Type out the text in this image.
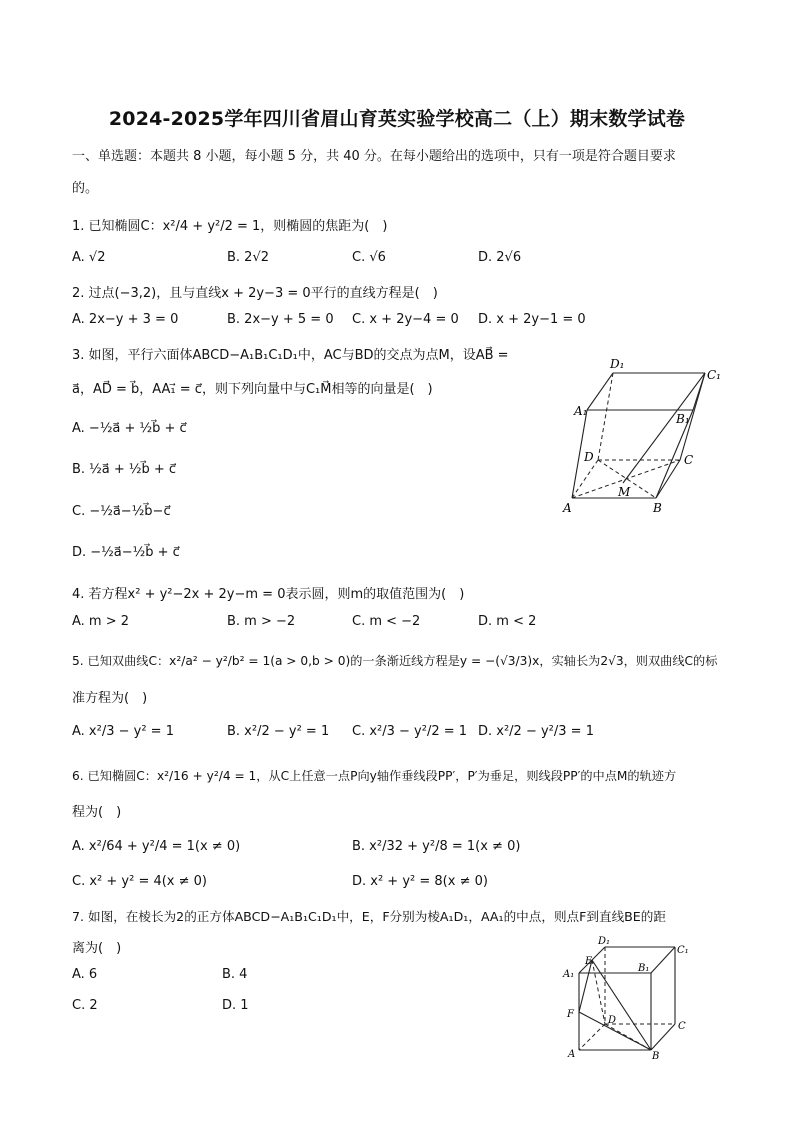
2024-2025学年四川省眉山育英实验学校高二（上）期末数学试卷
一、单选题：本题共 8 小题，每小题 5 分，共 40 分。在每小题给出的选项中，只有一项是符合题目要求
的。
1. 已知椭圆C：x²/4 + y²/2 = 1，则椭圆的焦距为(　)
A. √2	B. 2√2	C. √6	D. 2√6
2. 过点(−3,2)，且与直线x + 2y−3 = 0平行的直线方程是(　)
A. 2x−y + 3 = 0	B. 2x−y + 5 = 0 C. x + 2y−4 = 0 D. x + 2y−1 = 0
3. 如图，平行六面体ABCD−A₁B₁C₁D₁中，AC与BD的交点为点M，设AB⃗ =
a⃗，AD⃗ = b⃗，AA₁⃗ = c⃗，则下列向量中与C₁M⃗相等的向量是(　)
A. −½a⃗ + ½b⃗ + c⃗
B. ½a⃗ + ½b⃗ + c⃗
C. −½a⃗−½b⃗−c⃗
D. −½a⃗−½b⃗ + c⃗
D₁
C₁
A₁
B₁
D	C
A
M
B
4. 若方程x² + y²−2x + 2y−m = 0表示圆，则m的取值范围为(　)
A. m > 2	B. m > −2	C. m < −2	D. m < 2
5. 已知双曲线C：x²/a² − y²/b² = 1(a > 0,b > 0)的一条渐近线方程是y = −(√3/3)x，实轴长为2√3，则双曲线C的标
准方程为(　)
A. x²/3 − y² = 1	B. x²/2 − y² = 1 C. x²/3 − y²/2 = 1 D. x²/2 − y²/3 = 1
6. 已知椭圆C：x²/16 + y²/4 = 1，从C上任意一点P向y轴作垂线段PP′，P′为垂足，则线段PP′的中点M的轨迹方
程为(　)
A. x²/64 + y²/4 = 1(x ≠ 0)	B. x²/32 + y²/8 = 1(x ≠ 0)
C. x² + y² = 4(x ≠ 0)	D. x² + y² = 8(x ≠ 0)
7. 如图，在棱长为2的正方体ABCD−A₁B₁C₁D₁中，E，F分别为棱A₁D₁，AA₁的中点，则点F到直线BE的距
离为(　)
A. 6	B. 4
C. 2	D. 1
D₁
C₁
E
A₁
B₁
F
D
C
A	B
